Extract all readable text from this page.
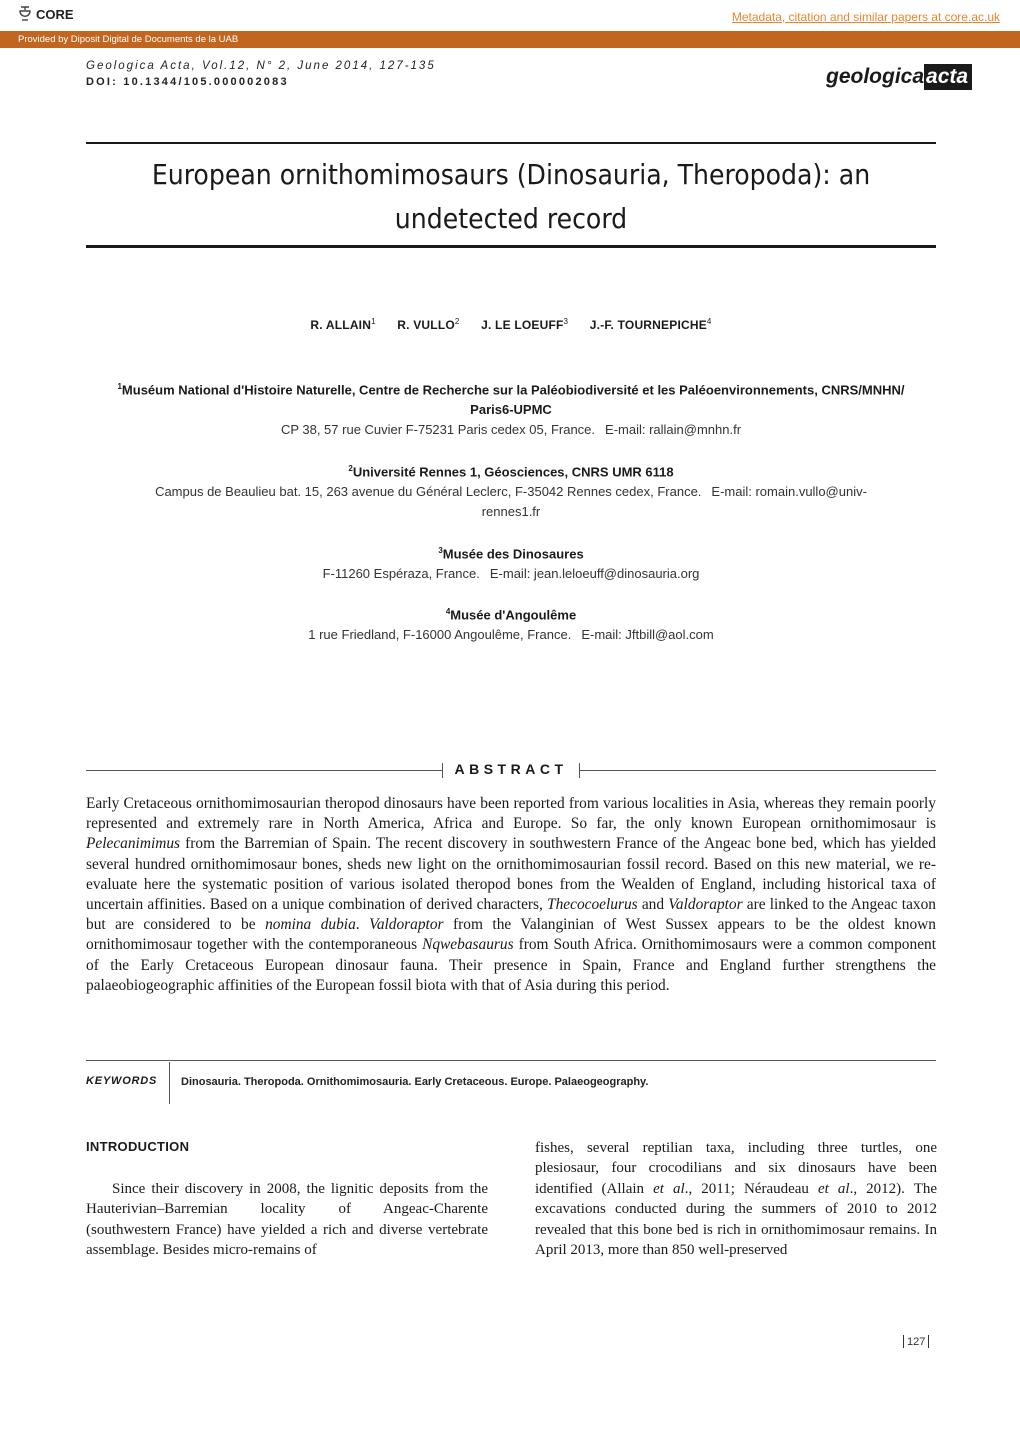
CORE	Metadata, citation and similar papers at core.ac.uk
Provided by Diposit Digital de Documents de la UAB
Geologica Acta, Vol.12, N° 2, June 2014, 127-135
DOI: 10.1344/105.000002083	geologica acta
European ornithomimosaurs (Dinosauria, Theropoda): an
undetected record
R. ALLAIN$^1$ R. VULLO$^2$ J. LE LOEUFF$^3$ J.-F. TOURNEPICHE$^4$
$^1$Muséum National d'Histoire Naturelle, Centre de Recherche sur la Paléobiodiversité et les Paléoenvironnements, CNRS/MNHN/
Paris6-UPMC
CP 38, 57 rue Cuvier F-75231 Paris cedex 05, France. E-mail: rallain@mnhn.fr
$^2$Université Rennes 1, Géosciences, CNRS UMR 6118
Campus de Beaulieu bat. 15, 263 avenue du Général Leclerc, F-35042 Rennes cedex, France. E-mail: romain.vullo@univ-
rennes1.fr
$^3$Musée des Dinosaures
F-11260 Espéraza, France. E-mail: jean.leloeuff@dinosauria.org
$^4$Musée d'Angoulême
1 rue Friedland, F-16000 Angoulême, France. E-mail: Jftbill@aol.com
ABSTRACT
Early Cretaceous ornithomimosaurian theropod dinosaurs have been reported from various localities in Asia, whereas they remain poorly represented and extremely rare in North America, Africa and Europe. So far, the only known European ornithomimosaur is Pelecanimimus from the Barremian of Spain. The recent discovery in southwestern France of the Angeac bone bed, which has yielded several hundred ornithomimosaur bones, sheds new light on the ornithomimosaurian fossil record. Based on this new material, we re-evaluate here the systematic position of various isolated theropod bones from the Wealden of England, including historical taxa of uncertain affinities. Based on a unique combination of derived characters, Thecocoelurus and Valdoraptor are linked to the Angeac taxon but are considered to be nomina dubia. Valdoraptor from the Valanginian of West Sussex appears to be the oldest known ornithomimosaur together with the contemporaneous Nqwebasaurus from South Africa. Ornithomimosaurs were a common component of the Early Cretaceous European dinosaur fauna. Their presence in Spain, France and England further strengthens the palaeobiogeographic affinities of the European fossil biota with that of Asia during this period.
KEYWORDS	Dinosauria. Theropoda. Ornithomimosauria. Early Cretaceous. Europe. Palaeogeography.
INTRODUCTION
Since their discovery in 2008, the lignitic deposits from the Hauterivian–Barremian locality of Angeac-Charente (southwestern France) have yielded a rich and diverse vertebrate assemblage. Besides micro-remains of
fishes, several reptilian taxa, including three turtles, one plesiosaur, four crocodilians and six dinosaurs have been identified (Allain et al., 2011; Néraudeau et al., 2012). The excavations conducted during the summers of 2010 to 2012 revealed that this bone bed is rich in ornithomimosaur remains. In April 2013, more than 850 well-preserved
127
